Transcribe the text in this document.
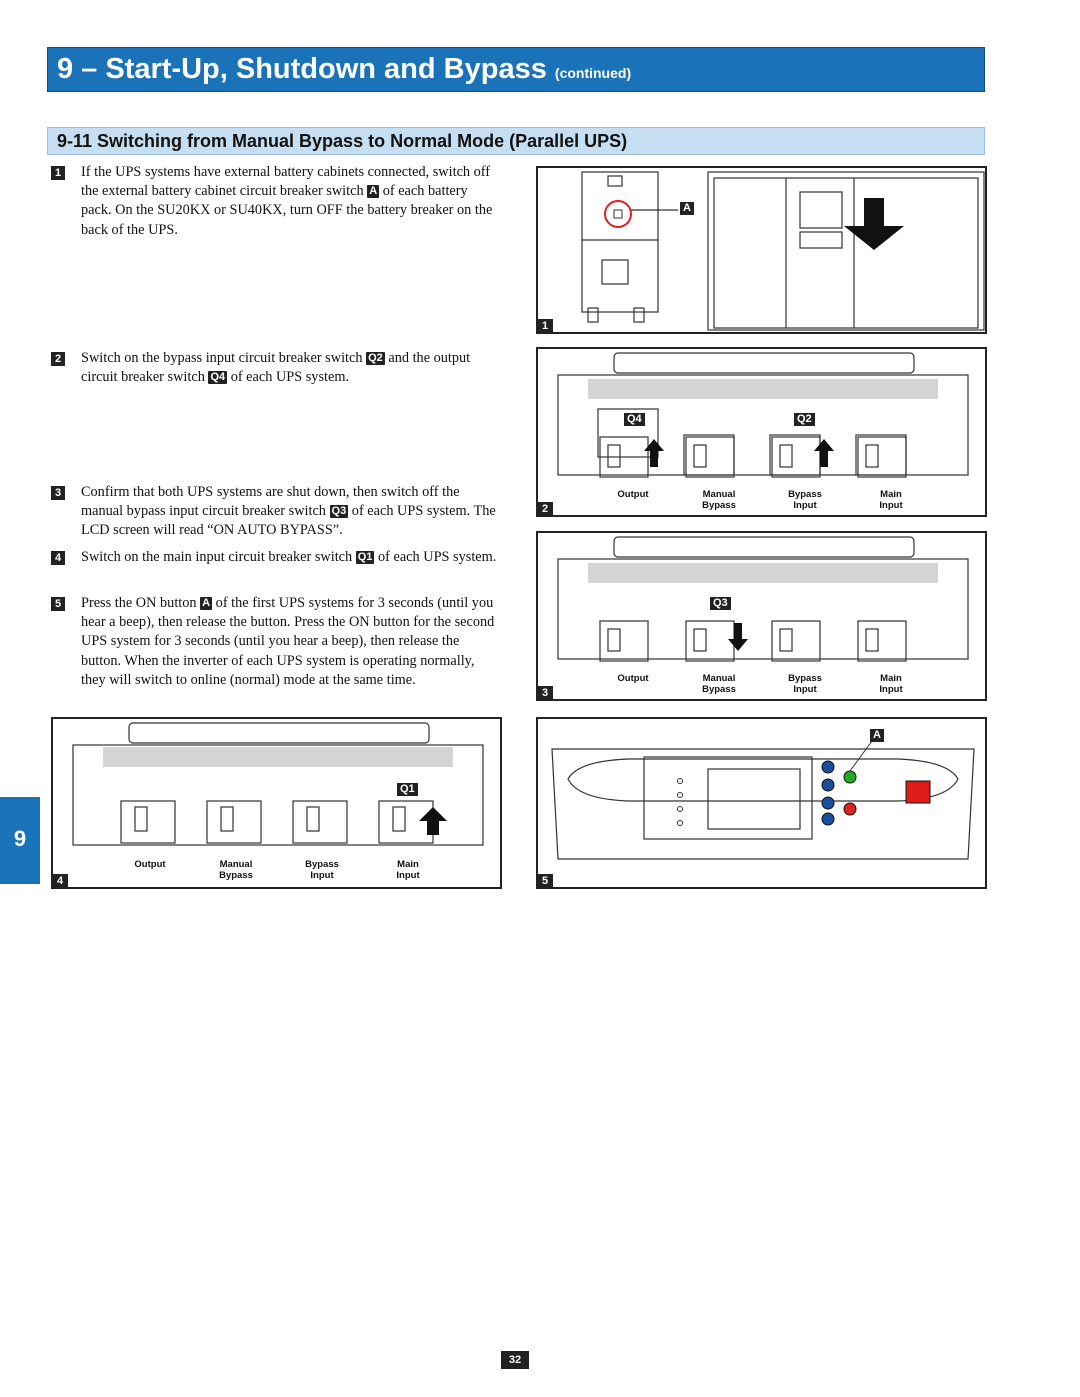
9 – Start-Up, Shutdown and Bypass (continued)
9-11 Switching from Manual Bypass to Normal Mode (Parallel UPS)
1 If the UPS systems have external battery cabinets connected, switch off the external battery cabinet circuit breaker switch A of each battery pack. On the SU20KX or SU40KX, turn OFF the battery breaker on the back of the UPS.
2 Switch on the bypass input circuit breaker switch Q2 and the output circuit breaker switch Q4 of each UPS system.
3 Confirm that both UPS systems are shut down, then switch off the manual bypass input circuit breaker switch Q3 of each UPS system. The LCD screen will read “ON AUTO BYPASS”.
4 Switch on the main input circuit breaker switch Q1 of each UPS system.
5 Press the ON button A of the first UPS systems for 3 seconds (until you hear a beep), then release the button. Press the ON button for the second UPS system for 3 seconds (until you hear a beep), then release the button. When the inverter of each UPS system is operating normally, they will switch to online (normal) mode at the same time.
A
1
Q4	Q2
Output	Manual
Bypass
Bypass
Input
Main
Input
2
Q3
Output	Manual
Bypass
Bypass
Input
Main
Input
3
Q1
Output	Manual
Bypass
Bypass
Input
Main
Input
4
A
5
9
32
